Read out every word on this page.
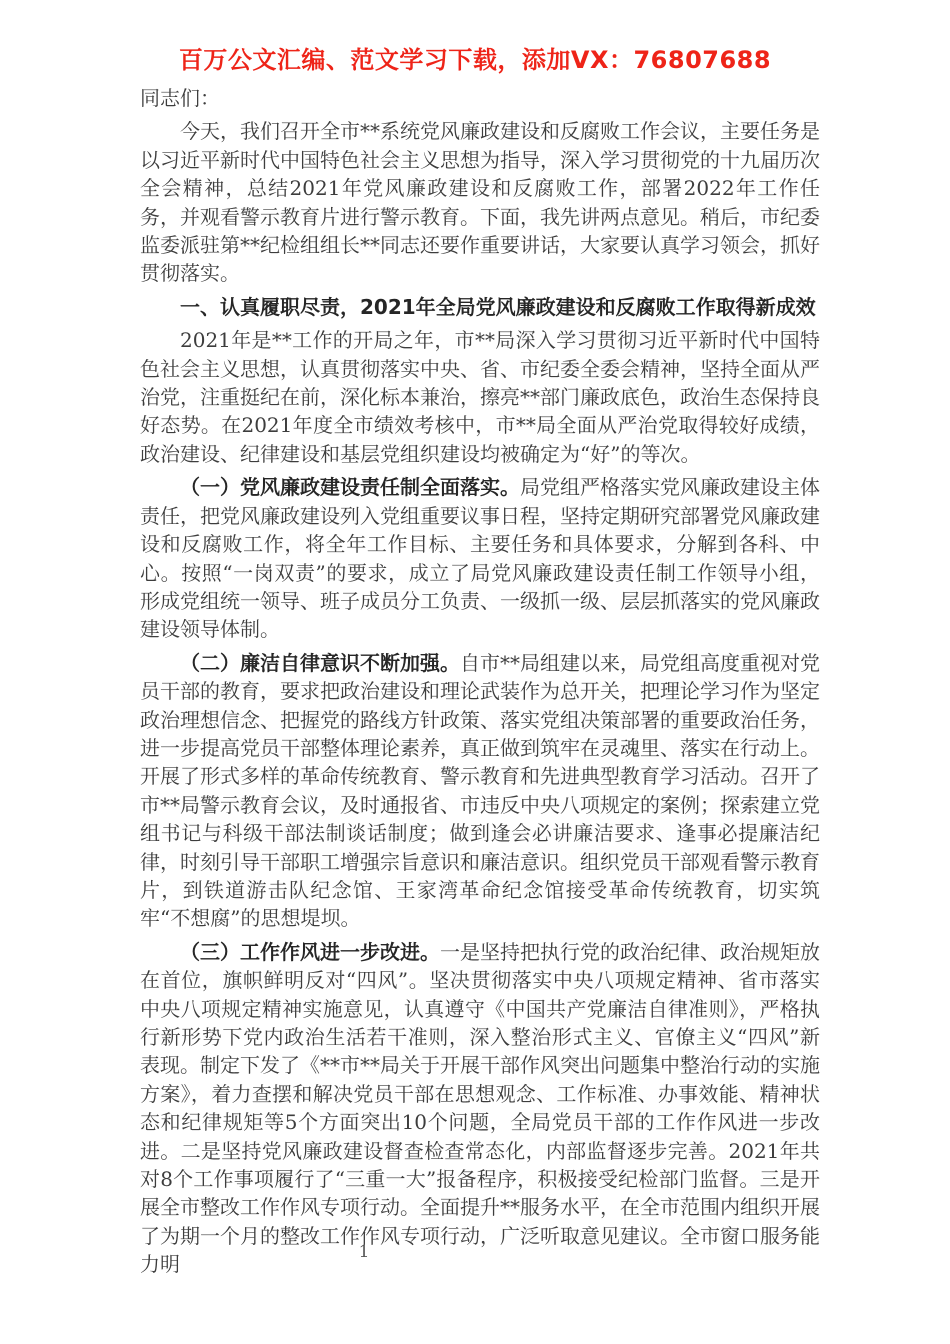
百万公文汇编、范文学习下载，添加VX：76807688

同志们：

今天，我们召开全市**系统党风廉政建设和反腐败工作会议，主要任务是以习近平新时代中国特色社会主义思想为指导，深入学习贯彻党的十九届历次全会精神，总结2021年党风廉政建设和反腐败工作，部署2022年工作任务，并观看警示教育片进行警示教育。下面，我先讲两点意见。稍后，市纪委监委派驻第**纪检组组长**同志还要作重要讲话，大家要认真学习领会，抓好贯彻落实。

一、认真履职尽责，2021年全局党风廉政建设和反腐败工作取得新成效

2021年是**工作的开局之年，市**局深入学习贯彻习近平新时代中国特色社会主义思想，认真贯彻落实中央、省、市纪委全委会精神，坚持全面从严治党，注重挺纪在前，深化标本兼治，擦亮**部门廉政底色，政治生态保持良好态势。在2021年度全市绩效考核中，市**局全面从严治党取得较好成绩，政治建设、纪律建设和基层党组织建设均被确定为“好”的等次。

（一）党风廉政建设责任制全面落实。局党组严格落实党风廉政建设主体责任，把党风廉政建设列入党组重要议事日程，坚持定期研究部署党风廉政建设和反腐败工作，将全年工作目标、主要任务和具体要求，分解到各科、中心。按照“一岗双责”的要求，成立了局党风廉政建设责任制工作领导小组，形成党组统一领导、班子成员分工负责、一级抓一级、层层抓落实的党风廉政建设领导体制。

（二）廉洁自律意识不断加强。自市**局组建以来，局党组高度重视对党员干部的教育，要求把政治建设和理论武装作为总开关，把理论学习作为坚定政治理想信念、把握党的路线方针政策、落实党组决策部署的重要政治任务，进一步提高党员干部整体理论素养，真正做到筑牢在灵魂里、落实在行动上。开展了形式多样的革命传统教育、警示教育和先进典型教育学习活动。召开了市**局警示教育会议，及时通报省、市违反中央八项规定的案例；探索建立党组书记与科级干部法制谈话制度；做到逢会必讲廉洁要求、逢事必提廉洁纪律，时刻引导干部职工增强宗旨意识和廉洁意识。组织党员干部观看警示教育片，到铁道游击队纪念馆、王家湾革命纪念馆接受革命传统教育，切实筑牢“不想腐”的思想堤坝。

（三）工作作风进一步改进。一是坚持把执行党的政治纪律、政治规矩放在首位，旗帜鲜明反对“四风”。坚决贯彻落实中央八项规定精神、省市落实中央八项规定精神实施意见，认真遵守《中国共产党廉洁自律准则》，严格执行新形势下党内政治生活若干准则，深入整治形式主义、官僚主义“四风”新表现。制定下发了《**市**局关于开展干部作风突出问题集中整治行动的实施方案》，着力查摆和解决党员干部在思想观念、工作标准、办事效能、精神状态和纪律规矩等5个方面突出10个问题，全局党员干部的工作作风进一步改进。二是坚持党风廉政建设督查检查常态化，内部监督逐步完善。2021年共对8个工作事项履行了“三重一大”报备程序，积极接受纪检部门监督。三是开展全市整改工作作风专项行动。全面提升**服务水平，在全市范围内组织开展了为期一个月的整改工作作风专项行动，广泛听取意见建议。全市窗口服务能力明

1
